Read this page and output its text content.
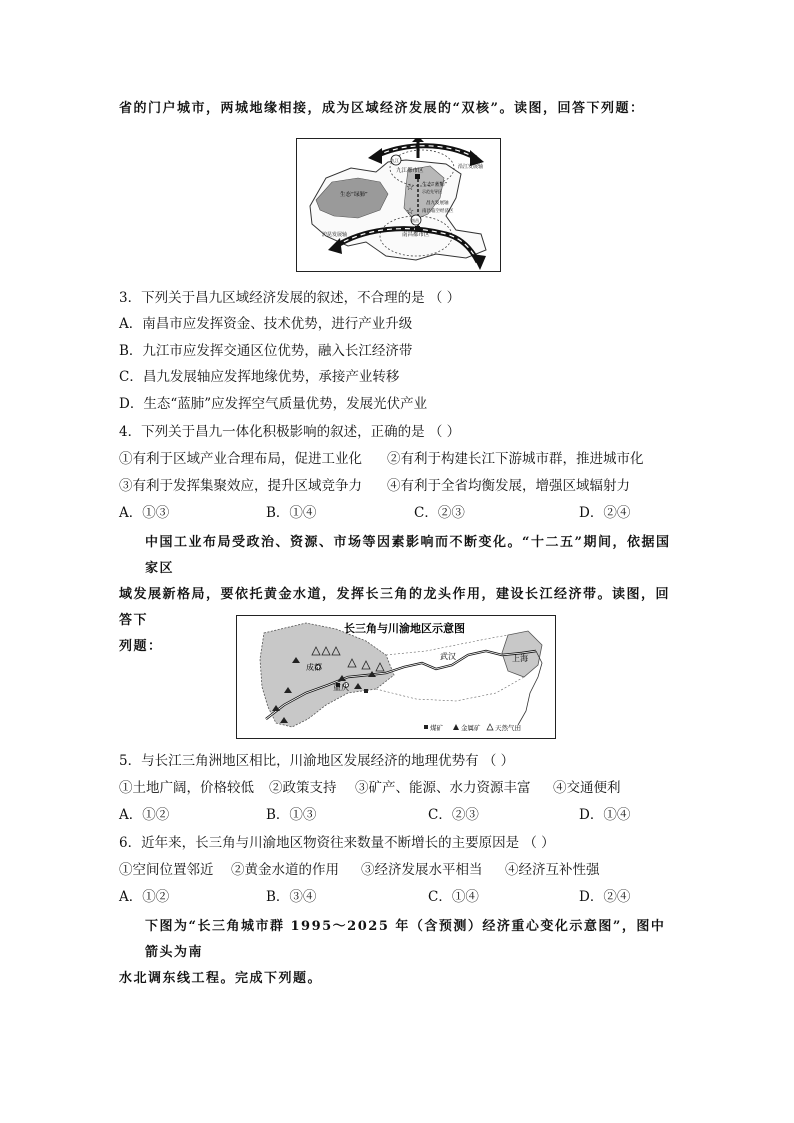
省的门户城市，两城地缘相接，成为区域经济发展的“双核”。读图，回答下列题：
☆
☆
九江
九江都市区
沿江发展轴
生态“绿肺”
生态“蓝肺”
示范先导区
昌九发展轴
南昌临空经济区
南昌
南昌都市区
沪昆发展轴
3．下列关于昌九区域经济发展的叙述，不合理的是 （ ）
A．南昌市应发挥资金、技术优势，进行产业升级
B．九江市应发挥交通区位优势，融入长江经济带
C．昌九发展轴应发挥地缘优势，承接产业转移
D．生态“蓝肺”应发挥空气质量优势，发展光伏产业
4．下列关于昌九一体化积极影响的叙述，正确的是 （ ）
①有利于区域产业合理布局，促进工业化 ②有利于构建长江下游城市群，推进城市化
③有利于发挥集聚效应，提升区域竞争力 ④有利于全省均衡发展，增强区域辐射力
A．①③	B．①④	C．②③	D．②④
中国工业布局受政治、资源、市场等因素影响而不断变化。“十二五”期间，依据国家区
域发展新格局，要依托黄金水道，发挥长三角的龙头作用，建设长江经济带。读图，回答下
列题：
长三角与川渝地区示意图
成都
重庆
武汉	上海
煤矿	金属矿 天然气田
5．与长江三角洲地区相比，川渝地区发展经济的地理优势有 （ ）
①土地广阔，价格较低 ②政策支持 ③矿产、能源、水力资源丰富 ④交通便利
A．①②	B．①③	C．②③	D．①④
6．近年来，长三角与川渝地区物资往来数量不断增长的主要原因是 （ ）
①空间位置邻近 ②黄金水道的作用 ③经济发展水平相当 ④经济互补性强
A．①②	B．③④	C．①④	D．②④
下图为“长三角城市群 1995～2025 年（含预测）经济重心变化示意图”，图中箭头为南
水北调东线工程。完成下列题。
